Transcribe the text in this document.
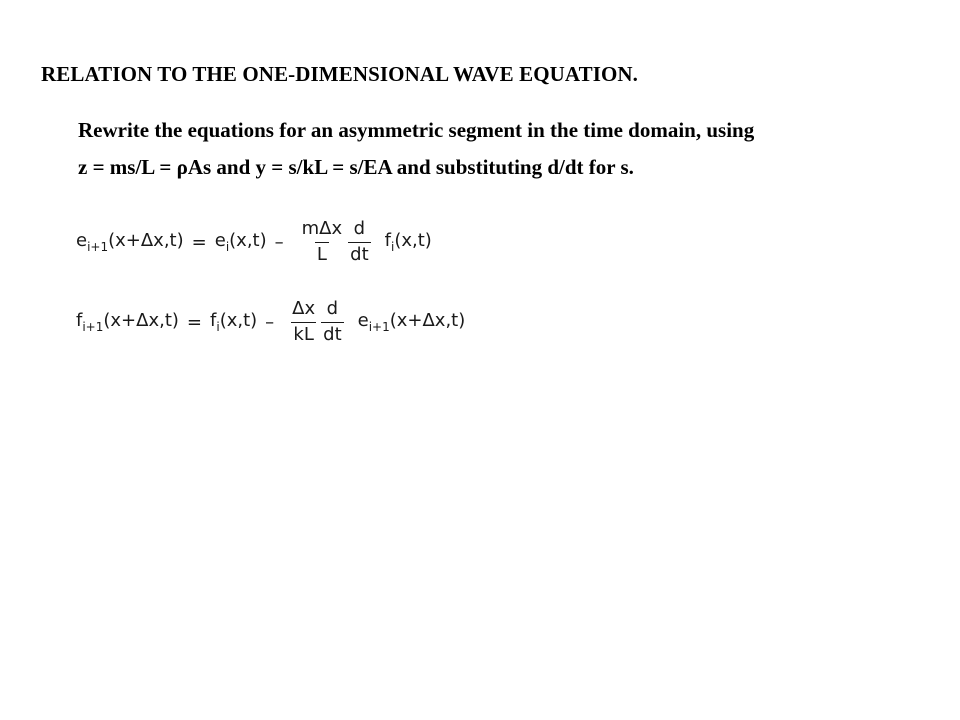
RELATION TO THE ONE-DIMENSIONAL WAVE EQUATION.

Rewrite the equations for an asymmetric segment in the time domain, using
z = ms/L = ρAs and y = s/kL = s/EA and substituting d/dt for s.

$e_{i+1}(x+\Delta x,t) = e_i(x,t) - \frac{\text{mΔx}}{L} \frac{d}{dt} f_i(x,t)$
$f_{i+1}(x+\Delta x,t) = f_i(x,t) - \frac{\Delta x}{kL} \frac{d}{dt} e_{i+1}(x+\Delta x,t)$
